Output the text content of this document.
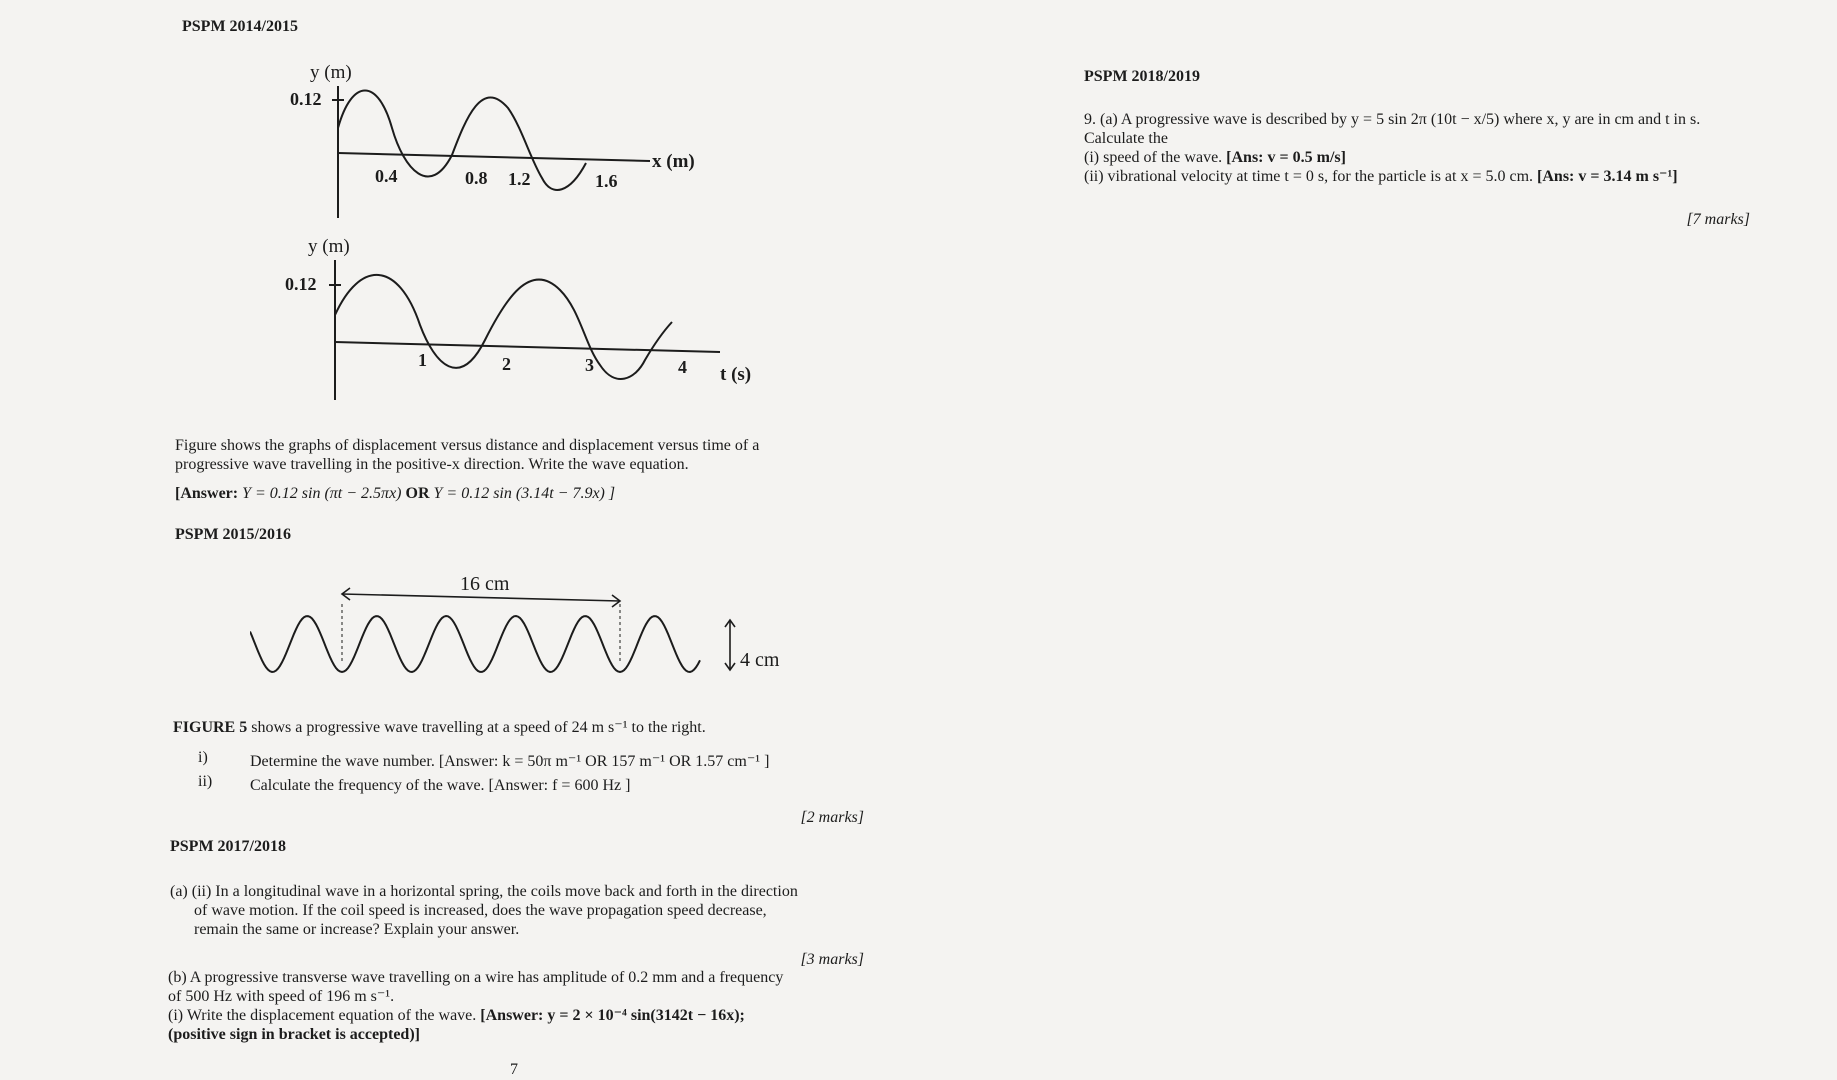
PSPM 2014/2015
y (m)
0.12
0.4	0.8 1.2	1.6
x (m)
y (m)
0.12
1	2	3	4 t (s)
Figure shows the graphs of displacement versus distance and displacement versus time of a
progressive wave travelling in the positive-x direction. Write the wave equation.
[Answer: Y = 0.12 sin (πt − 2.5πx) OR Y = 0.12 sin (3.14t − 7.9x) ]
PSPM 2015/2016
16 cm
4 cm
FIGURE 5 shows a progressive wave travelling at a speed of 24 m s⁻¹ to the right.
i)	Determine the wave number. [Answer: k = 50π m⁻¹ OR 157 m⁻¹ OR 1.57 cm⁻¹ ]
ii) Calculate the frequency of the wave. [Answer: f = 600 Hz ]
[2 marks]
PSPM 2017/2018
(a) (ii) In a longitudinal wave in a horizontal spring, the coils move back and forth in the direction
of wave motion. If the coil speed is increased, does the wave propagation speed decrease,
remain the same or increase? Explain your answer.
[3 marks]
(b) A progressive transverse wave travelling on a wire has amplitude of 0.2 mm and a frequency
of 500 Hz with speed of 196 m s⁻¹.
(i) Write the displacement equation of the wave. [Answer: y = 2 × 10⁻⁴ sin(3142t − 16x);
(positive sign in bracket is accepted)]
7
PSPM 2018/2019
9. (a) A progressive wave is described by y = 5 sin 2π (10t − x/5) where x, y are in cm and t in s.
Calculate the
(i) speed of the wave. [Ans: v = 0.5 m/s]
(ii) vibrational velocity at time t = 0 s, for the particle is at x = 5.0 cm. [Ans: v = 3.14 m s⁻¹]
[7 marks]
